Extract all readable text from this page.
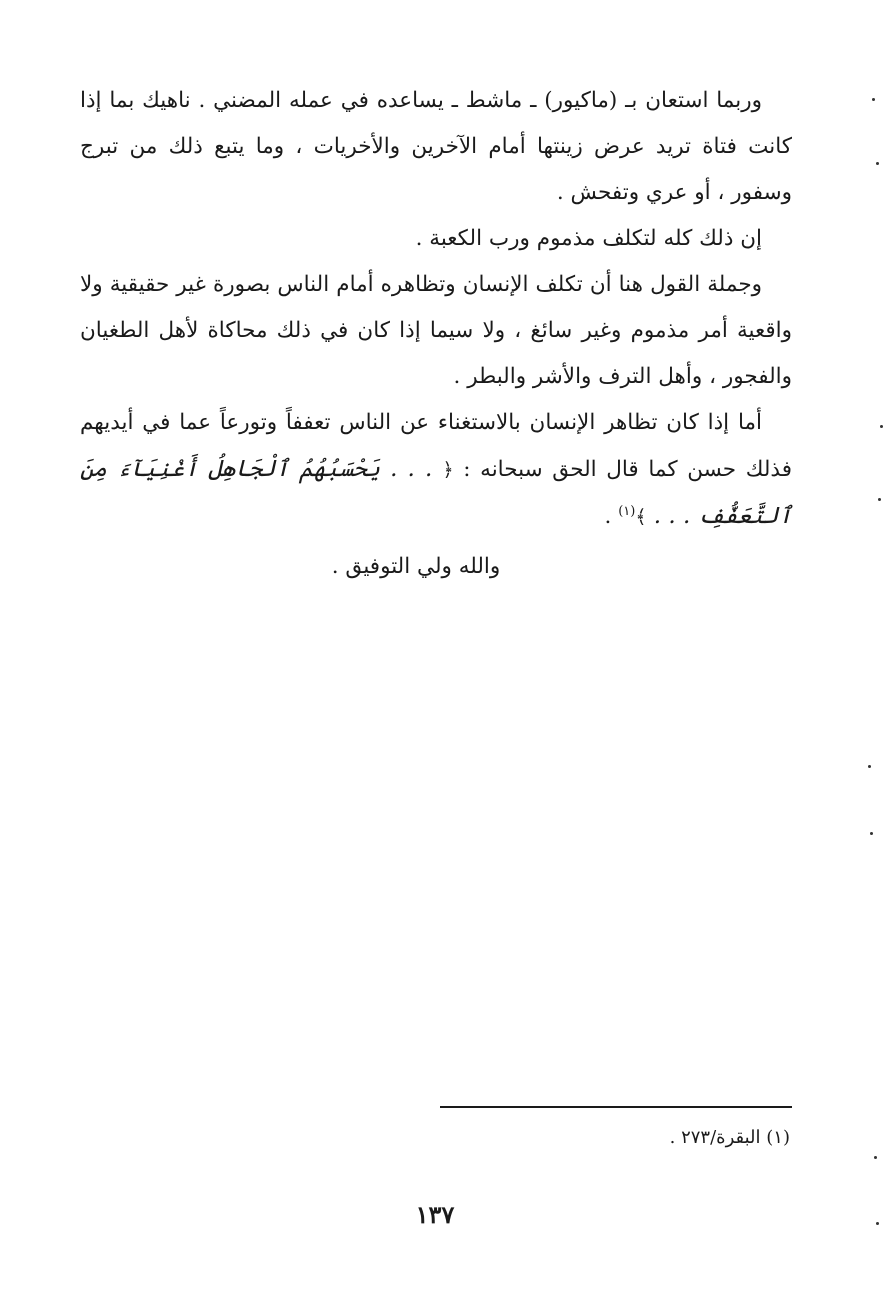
وربما استعان بـ (ماكيور) ـ ماشط ـ يساعده في عمله المضني . ناهيك بما إذا كانت فتاة تريد عرض زينتها أمام الآخرين والأخريات ، وما يتبع ذلك من تبرج وسفور ، أو عري وتفحش .

إن ذلك كله لتكلف مذموم ورب الكعبة .

وجملة القول هنا أن تكلف الإنسان وتظاهره أمام الناس بصورة غير حقيقية ولا واقعية أمر مذموم وغير سائغ ، ولا سيما إذا كان في ذلك محاكاة لأهل الطغيان والفجور ، وأهل الترف والأشر والبطر .

أما إذا كان تظاهر الإنسان بالاستغناء عن الناس تعففاً وتورعاً عما في أيديهم فذلك حسن كما قال الحق سبحانه : ﴿ . . . يَحْسَبُهُمُ ٱلْجَاهِلُ أَغْنِيَآءَ مِنَ ٱلتَّعَفُّفِ . . . ﴾$^{(١)}$ .

والله ولي التوفيق .

(١) البقرة/٢٧٣ .
١٣٧
